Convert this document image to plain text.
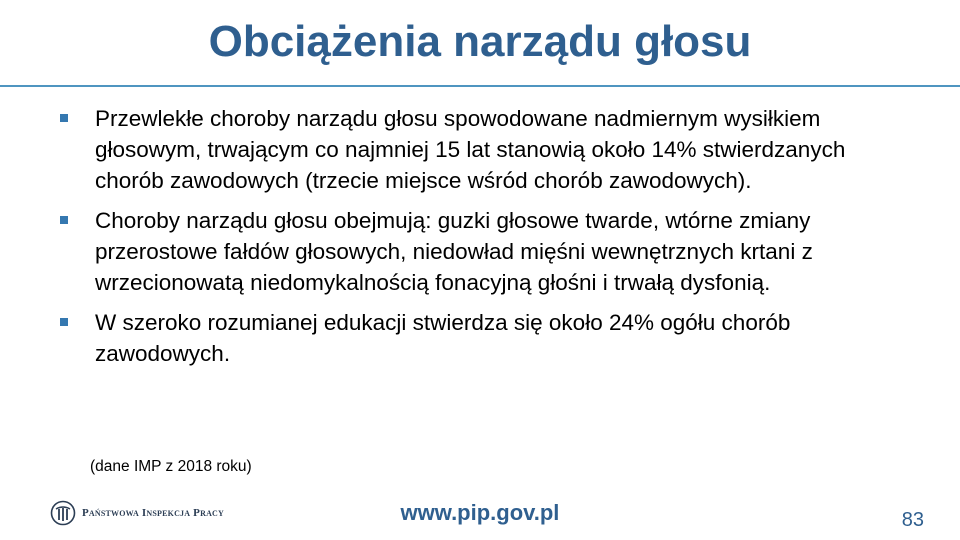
Obciążenia narządu głosu
Przewlekłe choroby narządu głosu spowodowane nadmiernym wysiłkiem głosowym, trwającym co najmniej 15 lat stanowią około 14% stwierdzanych chorób zawodowych (trzecie miejsce wśród chorób zawodowych).
Choroby narządu głosu obejmują: guzki głosowe twarde, wtórne zmiany przerostowe fałdów głosowych, niedowład mięśni wewnętrznych krtani z wrzecionowatą niedomykalnością fonacyjną głośni i trwałą dysfonią.
W szeroko rozumianej edukacji stwierdza się około 24% ogółu chorób zawodowych.
(dane IMP z 2018 roku)
Państwowa Inspekcja Pracy	www.pip.gov.pl	83
